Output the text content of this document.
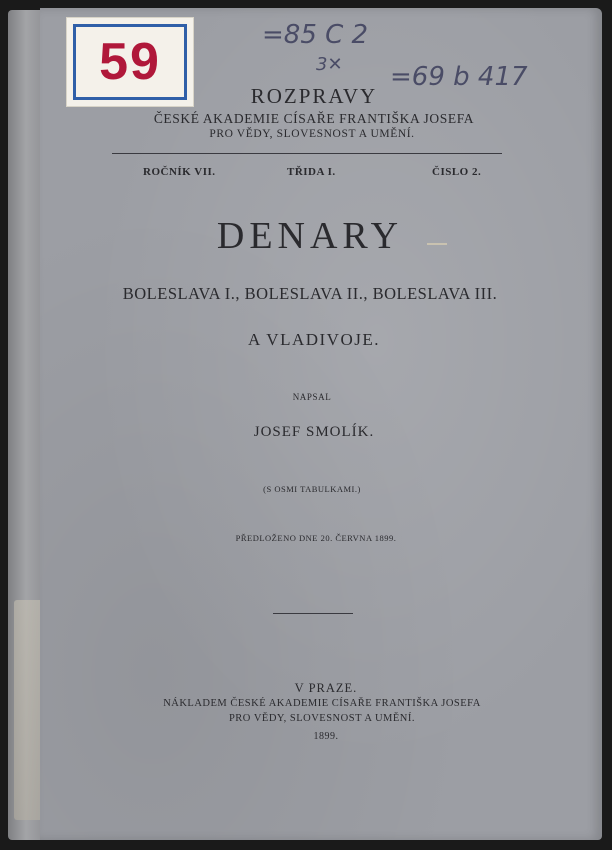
59	=85 C 2
3✕ =69 b 417
ROZPRAVY
ČESKÉ AKADEMIE CÍSAŘE FRANTIŠKA JOSEFA
PRO VĚDY, SLOVESNOST A UMĚNÍ.
ROČNÍK VII.	TŘIDA I.	ČISLO 2.
DENARY
BOLESLAVA I., BOLESLAVA II., BOLESLAVA III.
A VLADIVOJE.
NAPSAL
JOSEF SMOLÍK.
(S OSMI TABULKAMI.)
PŘEDLOŽENO DNE 20. ČERVNA 1899.
V PRAZE.
NÁKLADEM ČESKÉ AKADEMIE CÍSAŘE FRANTIŠKA JOSEFA
PRO VĚDY, SLOVESNOST A UMĚNÍ.
1899.
